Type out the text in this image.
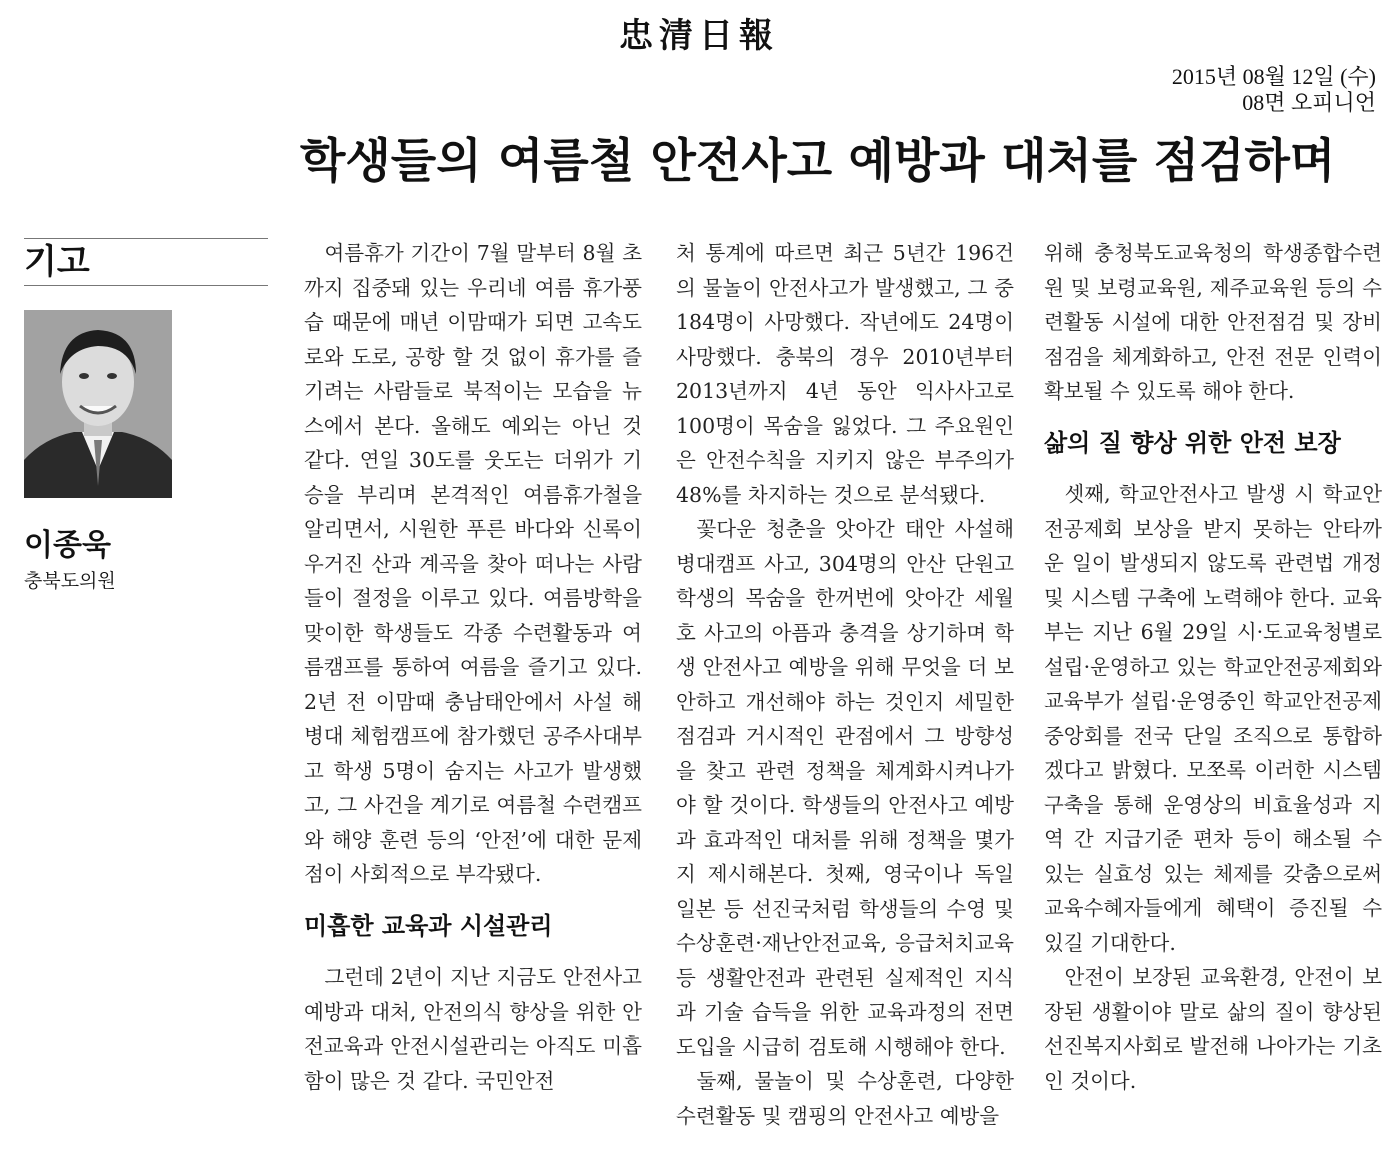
忠清日報
2015년 08월 12일 (수)
08면 오피니언
학생들의 여름철 안전사고 예방과 대처를 점검하며
기고
이종욱
충북도의원

여름휴가 기간이 7월 말부터 8월 초까지 집중돼 있는 우리네 여름 휴가풍습 때문에 매년 이맘때가 되면 고속도로와 도로, 공항 할 것 없이 휴가를 즐기려는 사람들로 북적이는 모습을 뉴스에서 본다. 올해도 예외는 아닌 것 같다. 연일 30도를 웃도는 더위가 기승을 부리며 본격적인 여름휴가철을 알리면서, 시원한 푸른 바다와 신록이 우거진 산과 계곡을 찾아 떠나는 사람들이 절정을 이루고 있다. 여름방학을 맞이한 학생들도 각종 수련활동과 여름캠프를 통하여 여름을 즐기고 있다. 2년 전 이맘때 충남태안에서 사설 해병대 체험캠프에 참가했던 공주사대부고 학생 5명이 숨지는 사고가 발생했고, 그 사건을 계기로 여름철 수련캠프와 해양 훈련 등의 ‘안전’에 대한 문제점이 사회적으로 부각됐다.

미흡한 교육과 시설관리

그런데 2년이 지난 지금도 안전사고예방과 대처, 안전의식 향상을 위한 안전교육과 안전시설관리는 아직도 미흡함이 많은 것 같다. 국민안전

처 통계에 따르면 최근 5년간 196건의 물놀이 안전사고가 발생했고, 그 중 184명이 사망했다. 작년에도 24명이 사망했다. 충북의 경우 2010년부터 2013년까지 4년 동안 익사사고로 100명이 목숨을 잃었다. 그 주요원인은 안전수칙을 지키지 않은 부주의가 48%를 차지하는 것으로 분석됐다.

꽃다운 청춘을 앗아간 태안 사설해병대캠프 사고, 304명의 안산 단원고 학생의 목숨을 한꺼번에 앗아간 세월호 사고의 아픔과 충격을 상기하며 학생 안전사고 예방을 위해 무엇을 더 보안하고 개선해야 하는 것인지 세밀한 점검과 거시적인 관점에서 그 방향성을 찾고 관련 정책을 체계화시켜나가야 할 것이다. 학생들의 안전사고 예방과 효과적인 대처를 위해 정책을 몇가지 제시해본다. 첫째, 영국이나 독일 일본 등 선진국처럼 학생들의 수영 및 수상훈련·재난안전교육, 응급처치교육 등 생활안전과 관련된 실제적인 지식과 기술 습득을 위한 교육과정의 전면도입을 시급히 검토해 시행해야 한다.

둘째, 물놀이 및 수상훈련, 다양한 수련활동 및 캠핑의 안전사고 예방을

위해 충청북도교육청의 학생종합수련원 및 보령교육원, 제주교육원 등의 수련활동 시설에 대한 안전점검 및 장비점검을 체계화하고, 안전 전문 인력이 확보될 수 있도록 해야 한다.

삶의 질 향상 위한 안전 보장

셋째, 학교안전사고 발생 시 학교안전공제회 보상을 받지 못하는 안타까운 일이 발생되지 않도록 관련법 개정 및 시스템 구축에 노력해야 한다. 교육부는 지난 6월 29일 시·도교육청별로 설립·운영하고 있는 학교안전공제회와 교육부가 설립·운영중인 학교안전공제중앙회를 전국 단일 조직으로 통합하겠다고 밝혔다. 모쪼록 이러한 시스템 구축을 통해 운영상의 비효율성과 지역 간 지급기준 편차 등이 해소될 수 있는 실효성 있는 체제를 갖춤으로써 교육수혜자들에게 혜택이 증진될 수 있길 기대한다.

안전이 보장된 교육환경, 안전이 보장된 생활이야 말로 삶의 질이 향상된 선진복지사회로 발전해 나아가는 기초인 것이다.
